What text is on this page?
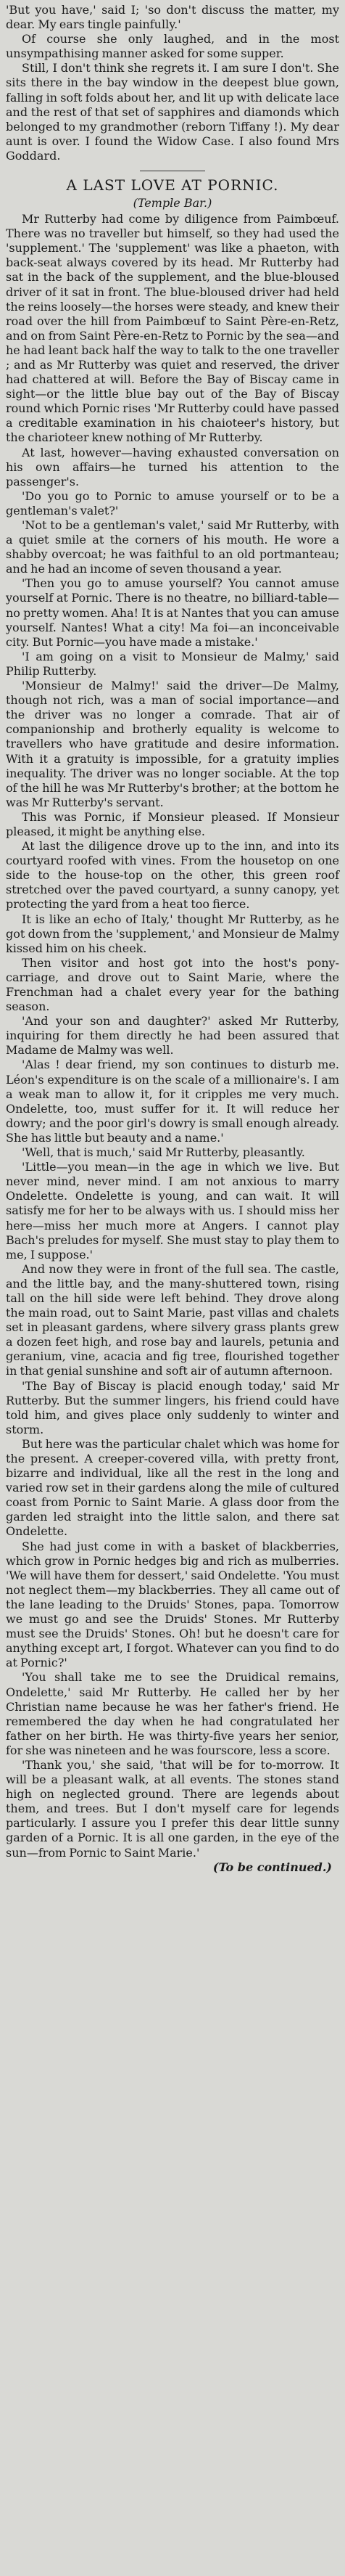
'But you have,' said I; 'so don't discuss the matter, my dear. My ears tingle painfully.'

Of course she only laughed, and in the most unsympathising manner asked for some supper.

Still, I don't think she regrets it. I am sure I don't. She sits there in the bay window in the deepest blue gown, falling in soft folds about her, and lit up with delicate lace and the rest of that set of sapphires and diamonds which belonged to my grandmother (reborn Tiffany !). My dear aunt is over. I found the Widow Case. I also found Mrs Goddard.

A LAST LOVE AT PORNIC.
(Temple Bar.)

Mr Rutterby had come by diligence from Paimbœuf. There was no traveller but himself, so they had used the 'supplement.' The 'supplement' was like a phaeton, with back-seat always covered by its head. Mr Rutterby had sat in the back of the supplement, and the blue-bloused driver of it sat in front. The blue-bloused driver had held the reins loosely—the horses were steady, and knew their road over the hill from Paimbœuf to Saint Père-en-Retz, and on from Saint Père-en-Retz to Pornic by the sea—and he had leant back half the way to talk to the one traveller ; and as Mr Rutterby was quiet and reserved, the driver had chattered at will. Before the Bay of Biscay came in sight—or the little blue bay out of the Bay of Biscay round which Pornic rises 'Mr Rutterby could have passed a creditable examination in his chaioteer's history, but the charioteer knew nothing of Mr Rutterby.

At last, however—having exhausted conversation on his own affairs—he turned his attention to the passenger's.

'Do you go to Pornic to amuse yourself or to be a gentleman's valet?'

'Not to be a gentleman's valet,' said Mr Rutterby, with a quiet smile at the corners of his mouth. He wore a shabby overcoat; he was faithful to an old portmanteau; and he had an income of seven thousand a year.

'Then you go to amuse yourself? You cannot amuse yourself at Pornic. There is no theatre, no billiard-table—no pretty women. Aha! It is at Nantes that you can amuse yourself. Nantes! What a city! Ma foi—an inconceivable city. But Pornic—you have made a mistake.'

'I am going on a visit to Monsieur de Malmy,' said Philip Rutterby.

'Monsieur de Malmy!' said the driver—De Malmy, though not rich, was a man of social importance—and the driver was no longer a comrade. That air of companionship and brotherly equality is welcome to travellers who have gratitude and desire information. With it a gratuity is impossible, for a gratuity implies inequality. The driver was no longer sociable. At the top of the hill he was Mr Rutterby's brother; at the bottom he was Mr Rutterby's servant.

This was Pornic, if Monsieur pleased. If Monsieur pleased, it might be anything else.

At last the diligence drove up to the inn, and into its courtyard roofed with vines. From the housetop on one side to the house-top on the other, this green roof stretched over the paved courtyard, a sunny canopy, yet protecting the yard from a heat too fierce.

It is like an echo of Italy,' thought Mr Rutterby, as he got down from the 'supplement,' and Monsieur de Malmy kissed him on his cheek.

Then visitor and host got into the host's pony-carriage, and drove out to Saint Marie, where the Frenchman had a chalet every year for the bathing season.

'And your son and daughter?' asked Mr Rutterby, inquiring for them directly he had been assured that Madame de Malmy was well.

'Alas ! dear friend, my son continues to disturb me. Léon's expenditure is on the scale of a millionaire's. I am a weak man to allow it, for it cripples me very much. Ondelette, too, must suffer for it. It will reduce her dowry; and the poor girl's dowry is small enough already. She has little but beauty and a name.'

'Well, that is much,' said Mr Rutterby, pleasantly.

'Little—you mean—in the age in which we live. But never mind, never mind. I am not anxious to marry Ondelette. Ondelette is young, and can wait. It will satisfy me for her to be always with us. I should miss her here—miss her much more at Angers. I cannot play Bach's preludes for myself. She must stay to play them to me, I suppose.'

And now they were in front of the full sea. The castle, and the little bay, and the many-shuttered town, rising tall on the hill side were left behind. They drove along the main road, out to Saint Marie, past villas and chalets set in pleasant gardens, where silvery grass plants grew a dozen feet high, and rose bay and laurels, petunia and geranium, vine, acacia and fig tree, flourished together in that genial sunshine and soft air of autumn afternoon.

'The Bay of Biscay is placid enough today,' said Mr Rutterby. But the summer lingers, his friend could have told him, and gives place only suddenly to winter and storm.

But here was the particular chalet which was home for the present. A creeper-covered villa, with pretty front, bizarre and individual, like all the rest in the long and varied row set in their gardens along the mile of cultured coast from Pornic to Saint Marie. A glass door from the garden led straight into the little salon, and there sat Ondelette.

She had just come in with a basket of blackberries, which grow in Pornic hedges big and rich as mulberries. 'We will have them for dessert,' said Ondelette. 'You must not neglect them—my blackberries. They all came out of the lane leading to the Druids' Stones, papa. Tomorrow we must go and see the Druids' Stones. Mr Rutterby must see the Druids' Stones. Oh! but he doesn't care for anything except art, I forgot. Whatever can you find to do at Pornic?'

'You shall take me to see the Druidical remains, Ondelette,' said Mr Rutterby. He called her by her Christian name because he was her father's friend. He remembered the day when he had congratulated her father on her birth. He was thirty-five years her senior, for she was nineteen and he was fourscore, less a score.

'Thank you,' she said, 'that will be for to-morrow. It will be a pleasant walk, at all events. The stones stand high on neglected ground. There are legends about them, and trees. But I don't myself care for legends particularly. I assure you I prefer this dear little sunny garden of a Pornic. It is all one garden, in the eye of the sun—from Pornic to Saint Marie.'

(To be continued.)
